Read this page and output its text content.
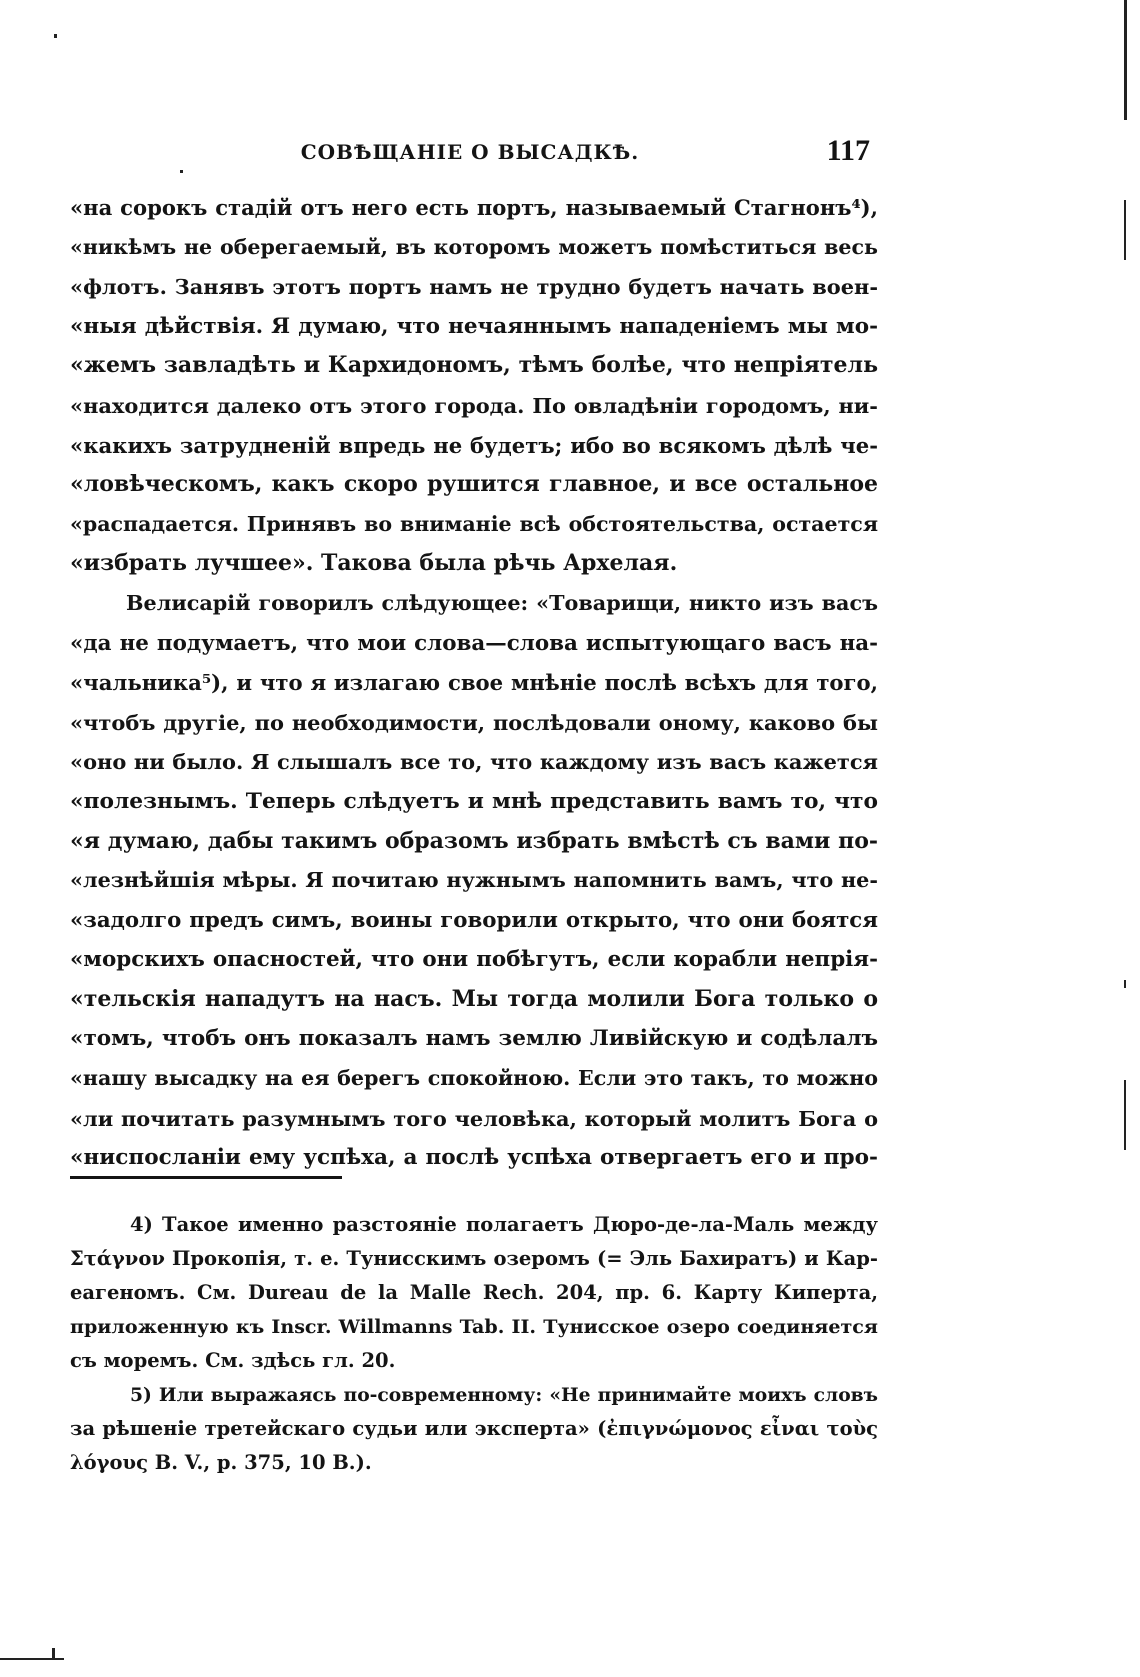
СОВѢЩАНІЕ О ВЫСАДКѢ.	117
«на сорокъ стадій отъ него есть портъ, называемый Стагнонъ⁴),
«никѣмъ не оберегаемый, въ которомъ можетъ помѣститься весь
«флотъ. Занявъ этотъ портъ намъ не трудно будетъ начать воен-
«ныя дѣйствія. Я думаю, что нечаяннымъ нападеніемъ мы мо-
«жемъ завладѣть и Кархидономъ, тѣмъ болѣе, что непріятель
«находится далеко отъ этого города. По овладѣніи городомъ, ни-
«какихъ затрудненій впредь не будетъ; ибо во всякомъ дѣлѣ че-
«ловѣческомъ, какъ скоро рушится главное, и все остальное
«распадается. Принявъ во вниманіе всѣ обстоятельства, остается
«избрать лучшее». Такова была рѣчь Архелая.
Велисарій говорилъ слѣдующее: «Товарищи, никто изъ васъ
«да не подумаетъ, что мои слова—слова испытующаго васъ на-
«чальника⁵), и что я излагаю свое мнѣніе послѣ всѣхъ для того,
«чтобъ другіе, по необходимости, послѣдовали оному, каково бы
«оно ни было. Я слышалъ все то, что каждому изъ васъ кажется
«полезнымъ. Теперь слѣдуетъ и мнѣ представить вамъ то, что
«я думаю, дабы такимъ образомъ избрать вмѣстѣ съ вами по-
«лезнѣйшія мѣры. Я почитаю нужнымъ напомнить вамъ, что не-
«задолго предъ симъ, воины говорили открыто, что они боятся
«морскихъ опасностей, что они побѣгутъ, если корабли непрія-
«тельскія нападутъ на насъ. Мы тогда молили Бога только о
«томъ, чтобъ онъ показалъ намъ землю Ливійскую и содѣлалъ
«нашу высадку на ея берегъ спокойною. Если это такъ, то можно
«ли почитать разумнымъ того человѣка, который молитъ Бога о
«ниспосланіи ему успѣха, а послѣ успѣха отвергаетъ его и про-
4) Такое именно разстояніе полагаетъ Дюро-де-ла-Маль между
Στάγνον Прокопія, т. е. Тунисскимъ озеромъ (= Эль Бахиратъ) и Кар-
еагеномъ. См. Dureau de la Malle Rech. 204, пр. 6. Карту Киперта,
приложенную къ Inscr. Willmanns Tab. II. Тунисское озеро соединяется
съ моремъ. См. здѣсь гл. 20.
5) Или выражаясь по-современному: «Не принимайте моихъ словъ
за рѣшеніе третейскаго судьи или эксперта» (ἐπιγνώμονος εἶναι τοὺς
λόγους B. V., p. 375, 10 B.).
